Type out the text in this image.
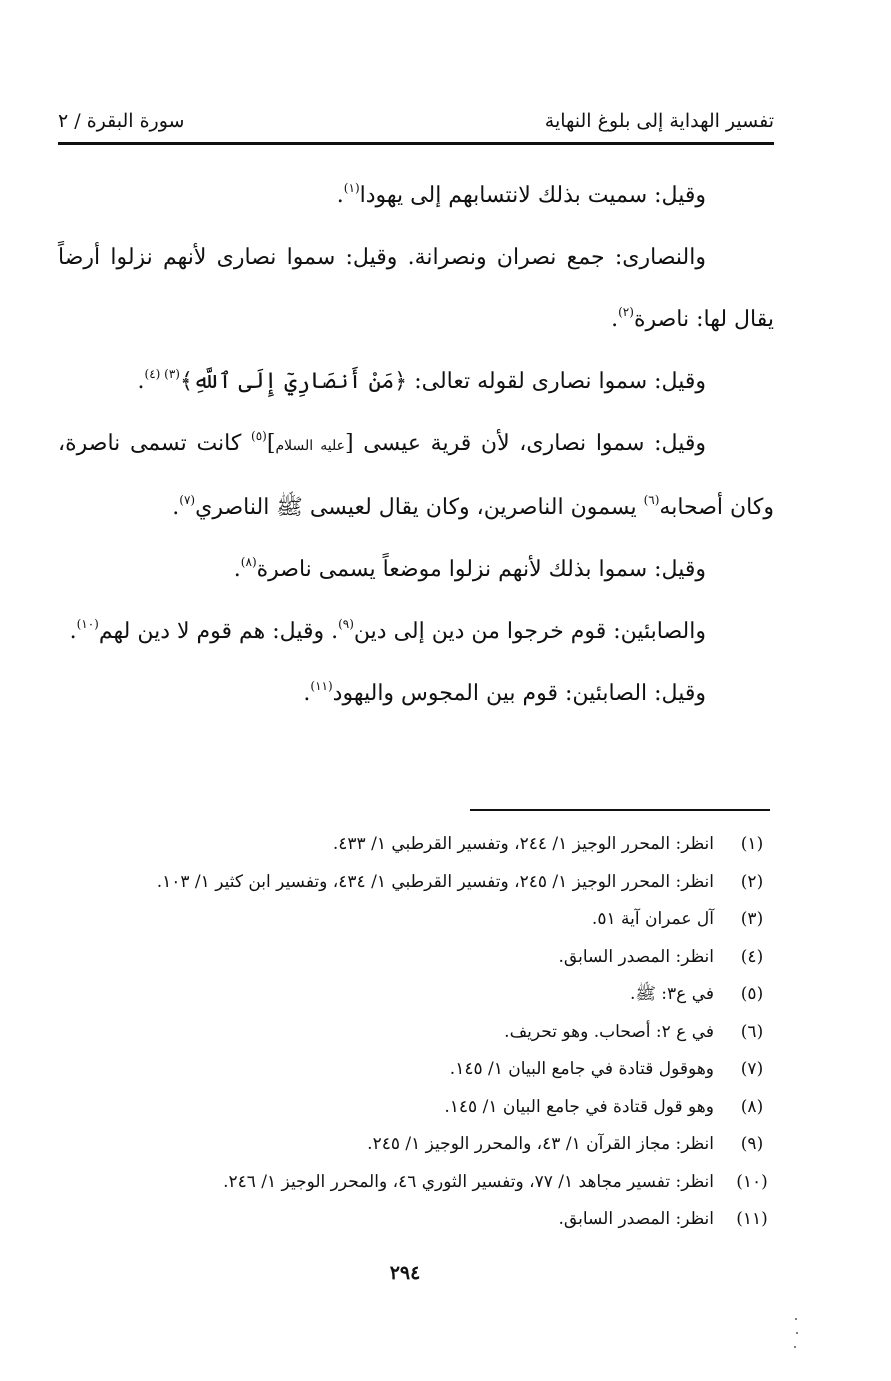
تفسير الهداية إلى بلوغ النهاية
سورة البقرة / ٢
وقيل: سميت بذلك لانتسابهم إلى يهودا$^{(١)}$.
والنصارى: جمع نصران ونصرانة. وقيل: سموا نصارى لأنهم نزلوا أرضاً يقال لها: ناصرة$^{(٢)}$.
وقيل: سموا نصارى لقوله تعالى: ﴿مَنْ أَنصَارِيٓ إِلَى ٱللَّهِ﴾$^{(٣) (٤)}$.
وقيل: سموا نصارى، لأن قرية عيسى [عليه السلام]$^{(٥)}$ كانت تسمى ناصرة، وكان أصحابه$^{(٦)}$ يسمون الناصرين، وكان يقال لعيسى ﷺ الناصري$^{(٧)}$.
وقيل: سموا بذلك لأنهم نزلوا موضعاً يسمى ناصرة$^{(٨)}$.
والصابئين: قوم خرجوا من دين إلى دين$^{(٩)}$. وقيل: هم قوم لا دين لهم$^{(١٠)}$.
وقيل: الصابئين: قوم بين المجوس واليهود$^{(١١)}$.
(١)
انظر: المحرر الوجيز ١/ ٢٤٤، وتفسير القرطبي ١/ ٤٣٣.
(٢)
انظر: المحرر الوجيز ١/ ٢٤٥، وتفسير القرطبي ١/ ٤٣٤، وتفسير ابن كثير ١/ ١٠٣.
(٣)
آل عمران آية ٥١.
(٤)
انظر: المصدر السابق.
(٥)
في ع٣: ﷺ.
(٦)
في ع ٢: أصحاب. وهو تحريف.
(٧)
وهوقول قتادة في جامع البيان ١/ ١٤٥.
(٨)
وهو قول قتادة في جامع البيان ١/ ١٤٥.
(٩)
انظر: مجاز القرآن ١/ ٤٣، والمحرر الوجيز ١/ ٢٤٥.
(١٠)
انظر: تفسير مجاهد ١/ ٧٧، وتفسير الثوري ٤٦، والمحرر الوجيز ١/ ٢٤٦.
(١١)
انظر: المصدر السابق.
٢٩٤
